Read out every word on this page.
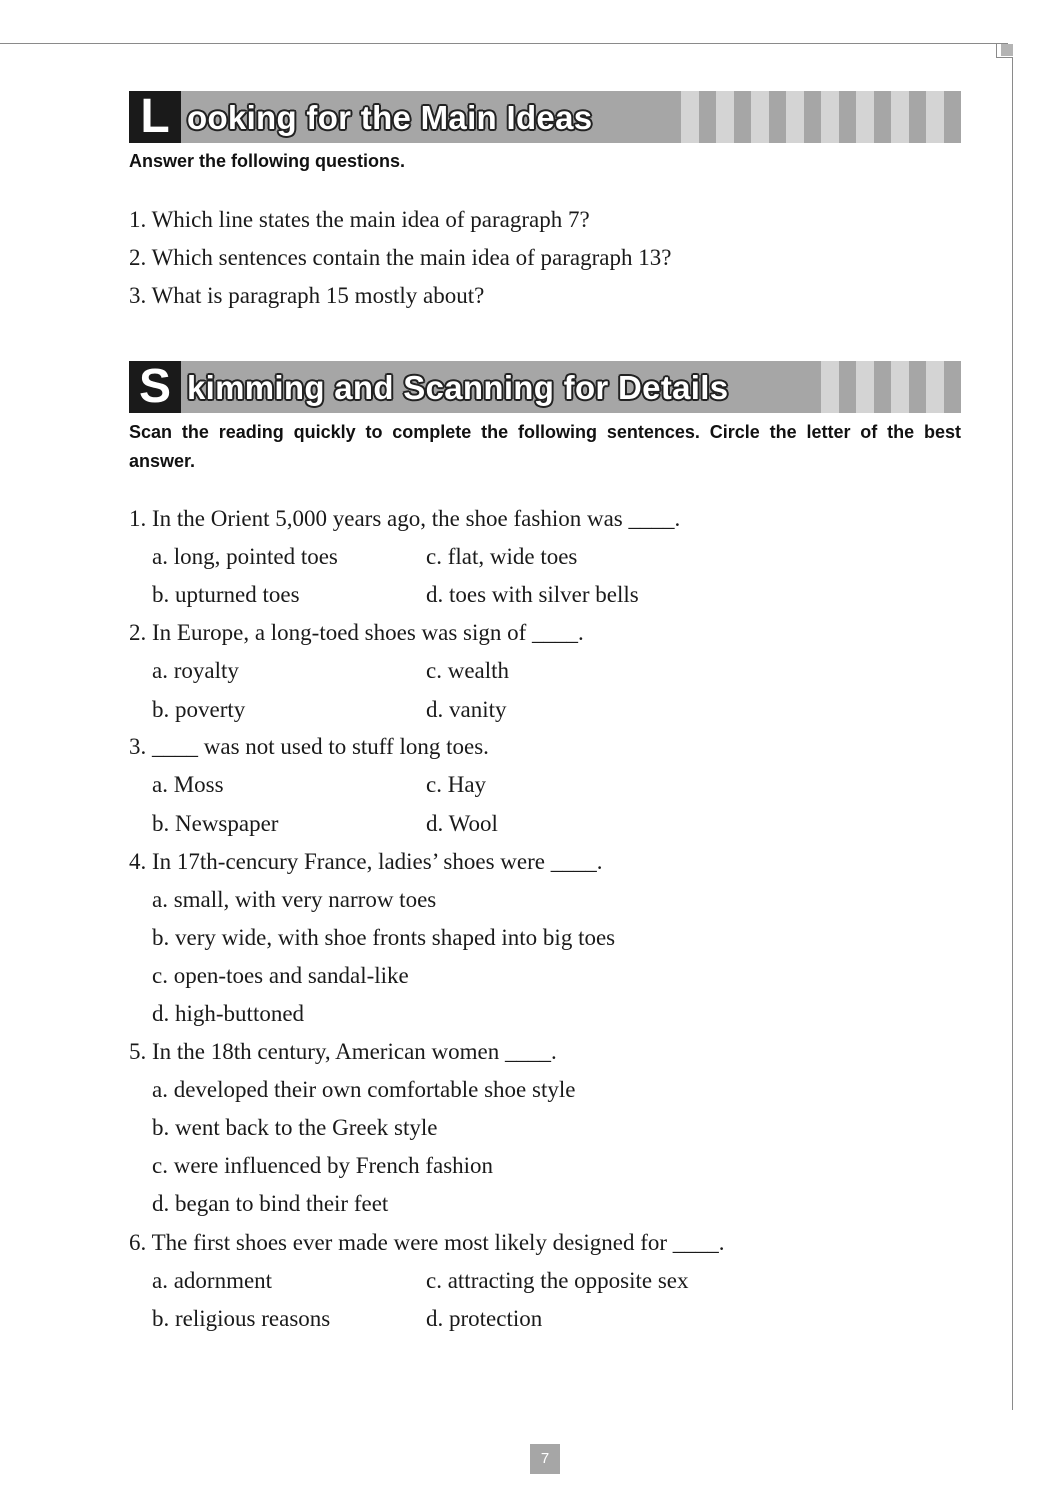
L ooking for the Main Ideas
Answer the following questions.
1. Which line states the main idea of paragraph 7?
2. Which sentences contain the main idea of paragraph 13?
3. What is paragraph 15 mostly about?
S kimming and Scanning for Details
Scan the reading quickly to complete the following sentences. Circle the letter of the best answer.
1. In the Orient 5,000 years ago, the shoe fashion was ____.
a. long, pointed toes	c. flat, wide toes
b. upturned toes	d. toes with silver bells
2. In Europe, a long-toed shoes was sign of ____.
a. royalty	c. wealth
b. poverty	d. vanity
3. ____ was not used to stuff long toes.
a. Moss	c. Hay
b. Newspaper	d. Wool
4. In 17th-cencury France, ladies’ shoes were ____.
a. small, with very narrow toes
b. very wide, with shoe fronts shaped into big toes
c. open-toes and sandal-like
d. high-buttoned
5. In the 18th century, American women ____.
a. developed their own comfortable shoe style
b. went back to the Greek style
c. were influenced by French fashion
d. began to bind their feet
6. The first shoes ever made were most likely designed for ____.
a. adornment	c. attracting the opposite sex
b. religious reasons	d. protection
7
